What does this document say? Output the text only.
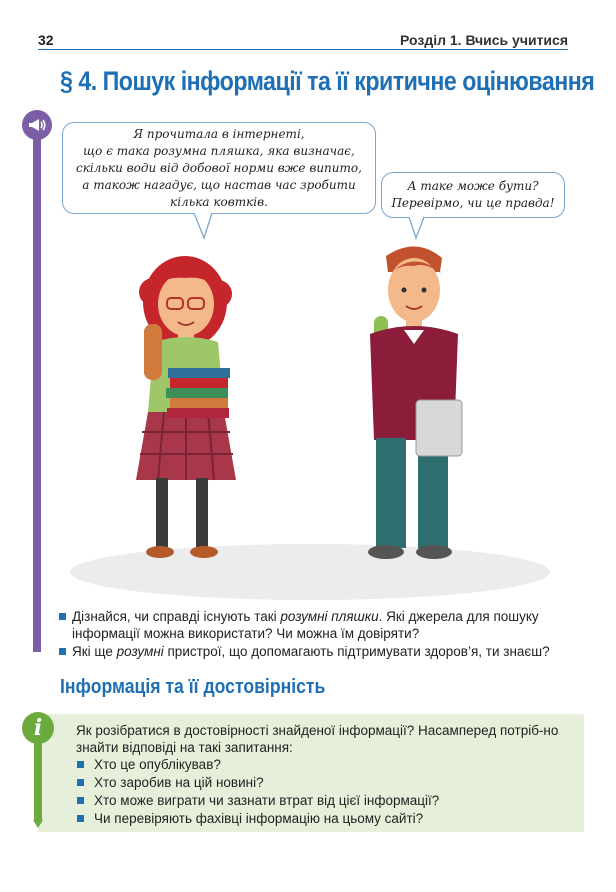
32	Розділ 1. Вчись учитися
§ 4. Пошук інформації та її критичне оцінювання
Я прочитала в інтернеті,
що є така розумна пляшка, яка визначає,
скільки води від добової норми вже випито,
а також нагадує, що настав час зробити
кілька ковтків.
А таке може бути?
Перевірмо, чи це правда!
Дізнайся, чи справді існують такі розумні пляшки. Які джерела для пошуку інформації можна використати? Чи можна їм довіряти?
Які ще розумні пристрої, що допомагають підтримувати здоров’я, ти знаєш?
Інформація та її достовірність
i	Як розібратися в достовірності знайденої інформації? Насамперед потріб-но знайти відповіді на такі запитання:
Хто це опублікував?
Хто заробив на цій новині?
Хто може виграти чи зазнати втрат від цієї інформації?
Чи перевіряють фахівці інформацію на цьому сайті?
